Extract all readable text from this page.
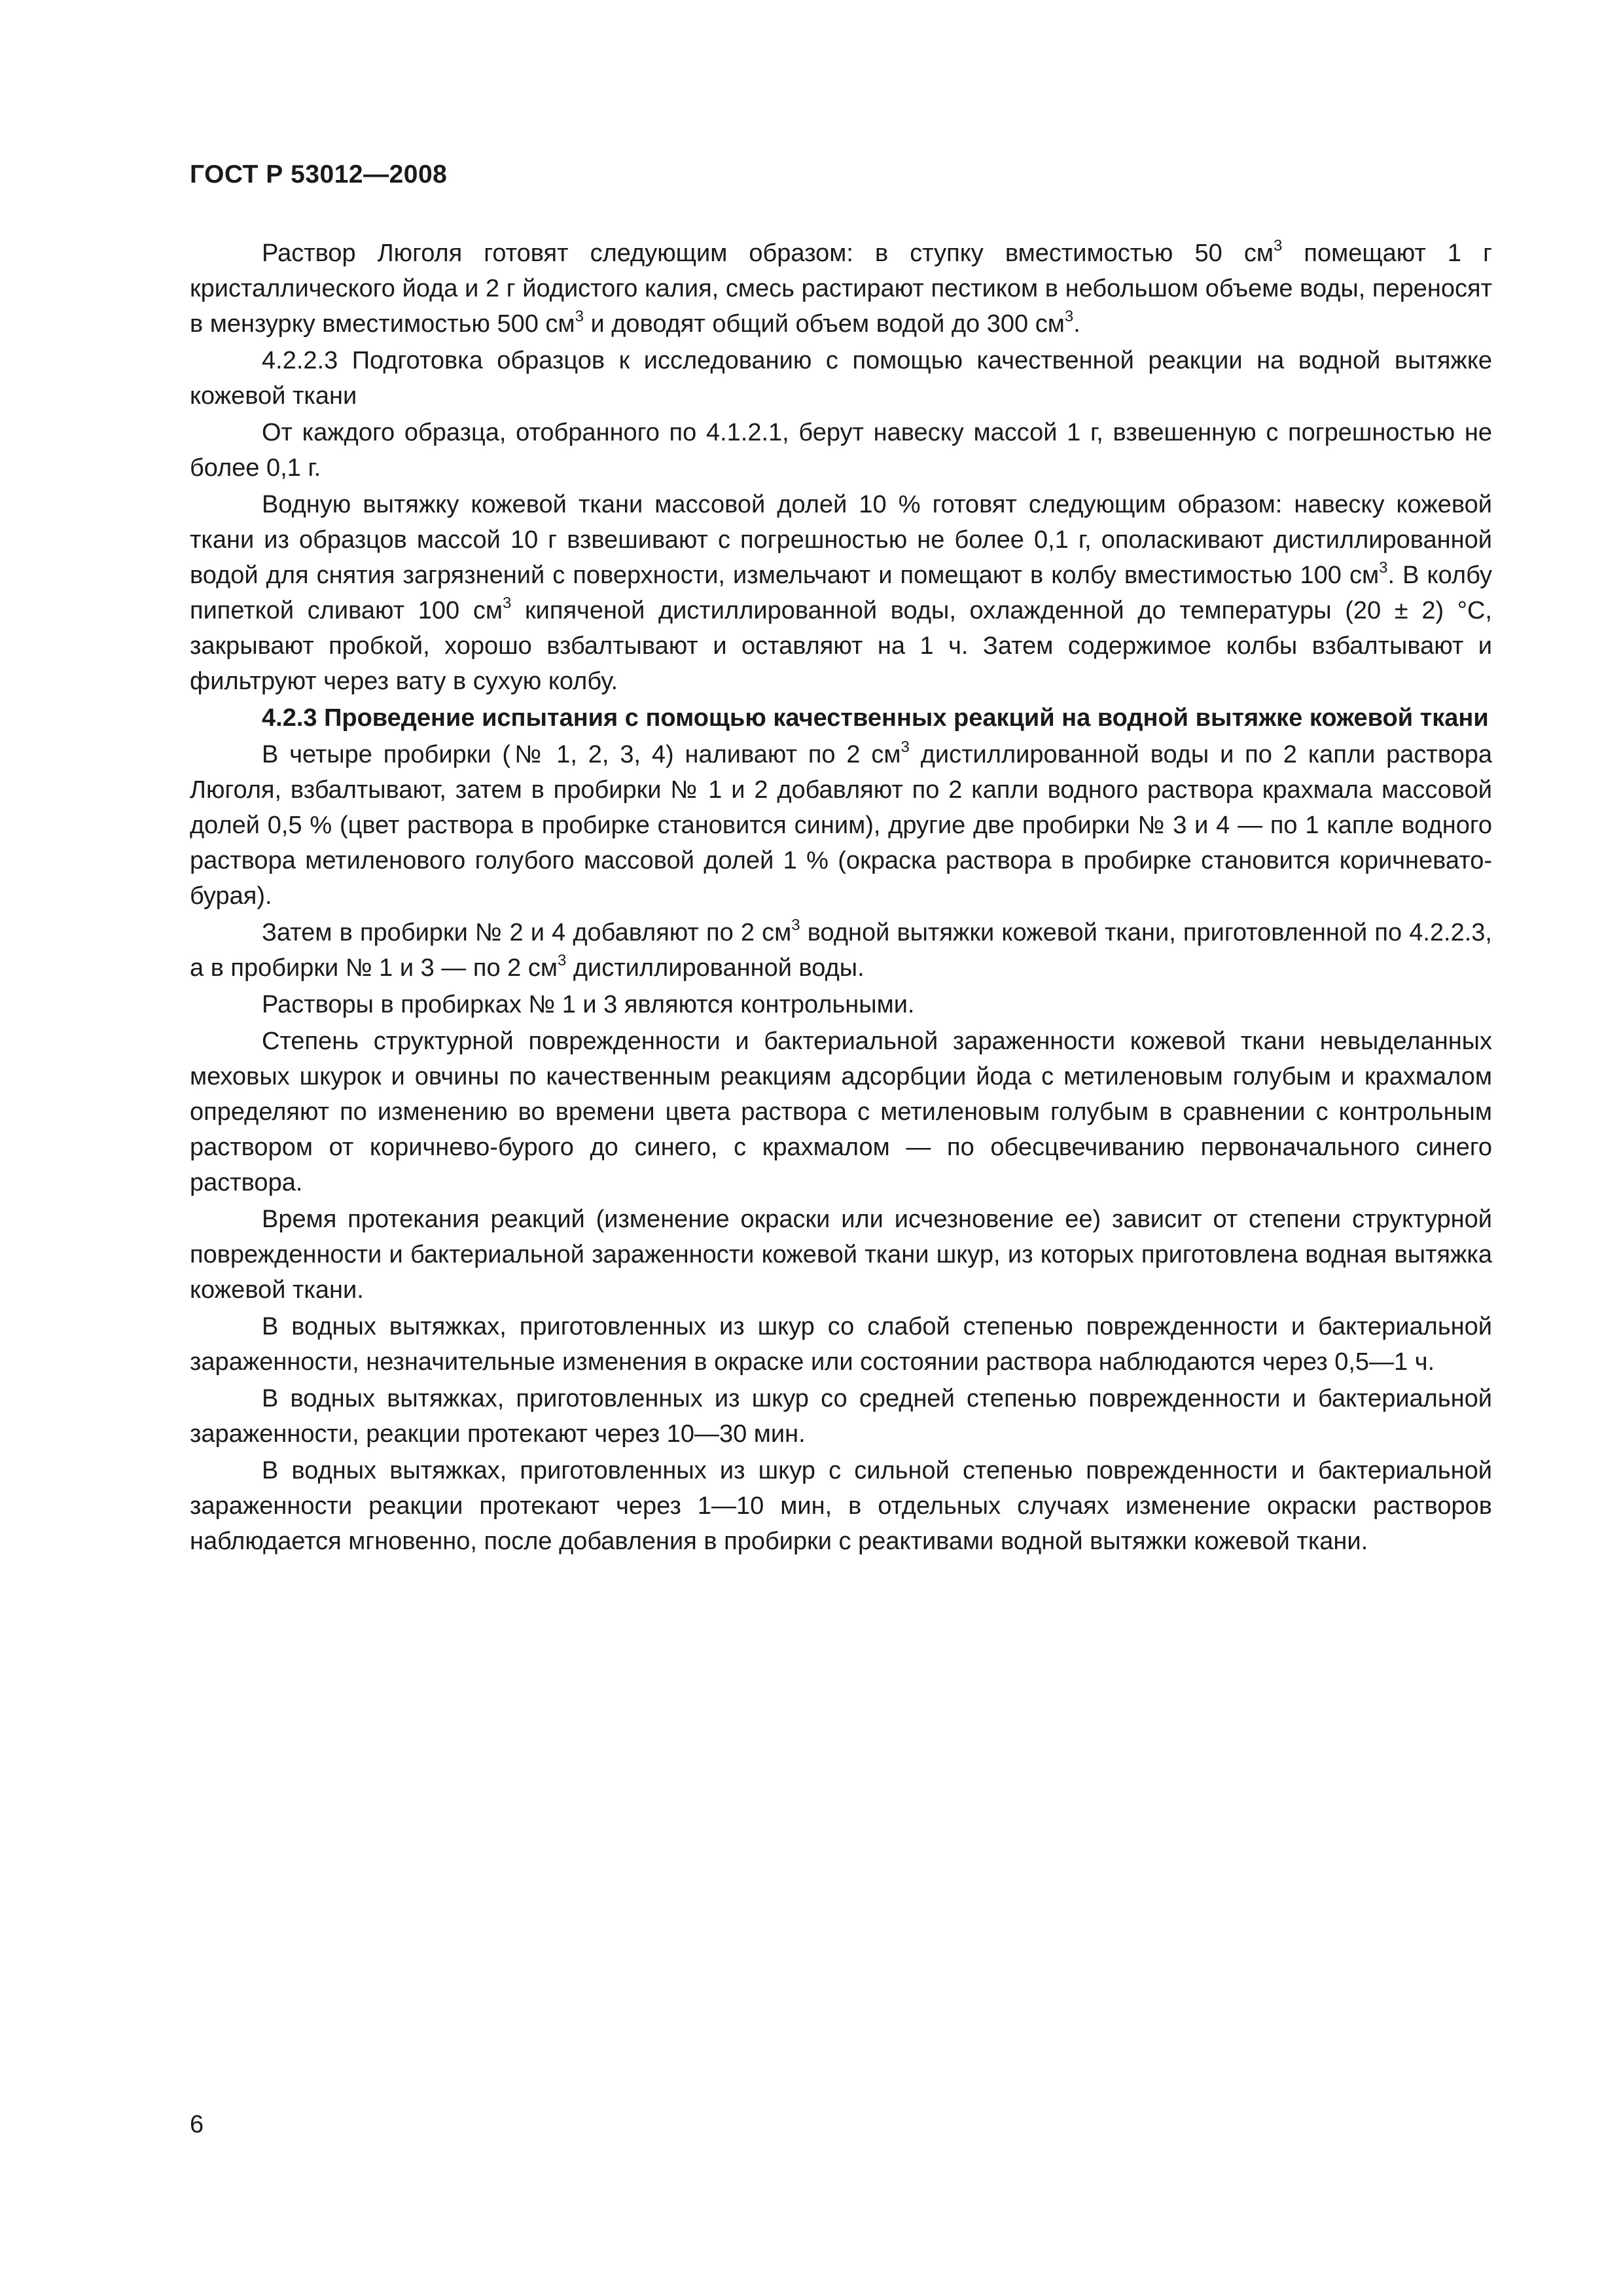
ГОСТ Р 53012—2008

Раствор Люголя готовят следующим образом: в ступку вместимостью 50 $см^3$ помещают 1 г кристаллического йода и 2 г йодистого калия, смесь растирают пестиком в небольшом объеме воды, переносят в мензурку вместимостью 500 $см^3$ и доводят общий объем водой до 300 $см^3$.

4.2.2.3 Подготовка образцов к исследованию с помощью качественной реакции на водной вытяжке кожевой ткани

От каждого образца, отобранного по 4.1.2.1, берут навеску массой 1 г, взвешенную с погрешностью не более 0,1 г.

Водную вытяжку кожевой ткани массовой долей 10 % готовят следующим образом: навеску кожевой ткани из образцов массой 10 г взвешивают с погрешностью не более 0,1 г, ополаскивают дистиллированной водой для снятия загрязнений с поверхности, измельчают и помещают в колбу вместимостью 100 $см^3$. В колбу пипеткой сливают 100 $см^3$ кипяченой дистиллированной воды, охлажденной до температуры (20 ± 2) °С, закрывают пробкой, хорошо взбалтывают и оставляют на 1 ч. Затем содержимое колбы взбалтывают и фильтруют через вату в сухую колбу.

4.2.3 Проведение испытания с помощью качественных реакций на водной вытяжке кожевой ткани

В четыре пробирки (№ 1, 2, 3, 4) наливают по 2 $см^3$ дистиллированной воды и по 2 капли раствора Люголя, взбалтывают, затем в пробирки № 1 и 2 добавляют по 2 капли водного раствора крахмала массовой долей 0,5 % (цвет раствора в пробирке становится синим), другие две пробирки № 3 и 4 — по 1 капле водного раствора метиленового голубого массовой долей 1 % (окраска раствора в пробирке становится коричневато-бурая).

Затем в пробирки № 2 и 4 добавляют по 2 $см^3$ водной вытяжки кожевой ткани, приготовленной по 4.2.2.3, а в пробирки № 1 и 3 — по 2 $см^3$ дистиллированной воды.

Растворы в пробирках № 1 и 3 являются контрольными.

Степень структурной поврежденности и бактериальной зараженности кожевой ткани невыделанных меховых шкурок и овчины по качественным реакциям адсорбции йода с метиленовым голубым и крахмалом определяют по изменению во времени цвета раствора с метиленовым голубым в сравнении с контрольным раствором от коричнево-бурого до синего, с крахмалом — по обесцвечиванию первоначального синего раствора.

Время протекания реакций (изменение окраски или исчезновение ее) зависит от степени структурной поврежденности и бактериальной зараженности кожевой ткани шкур, из которых приготовлена водная вытяжка кожевой ткани.

В водных вытяжках, приготовленных из шкур со слабой степенью поврежденности и бактериальной зараженности, незначительные изменения в окраске или состоянии раствора наблюдаются через 0,5—1 ч.

В водных вытяжках, приготовленных из шкур со средней степенью поврежденности и бактериальной зараженности, реакции протекают через 10—30 мин.

В водных вытяжках, приготовленных из шкур с сильной степенью поврежденности и бактериальной зараженности реакции протекают через 1—10 мин, в отдельных случаях изменение окраски растворов наблюдается мгновенно, после добавления в пробирки с реактивами водной вытяжки кожевой ткани.

6
